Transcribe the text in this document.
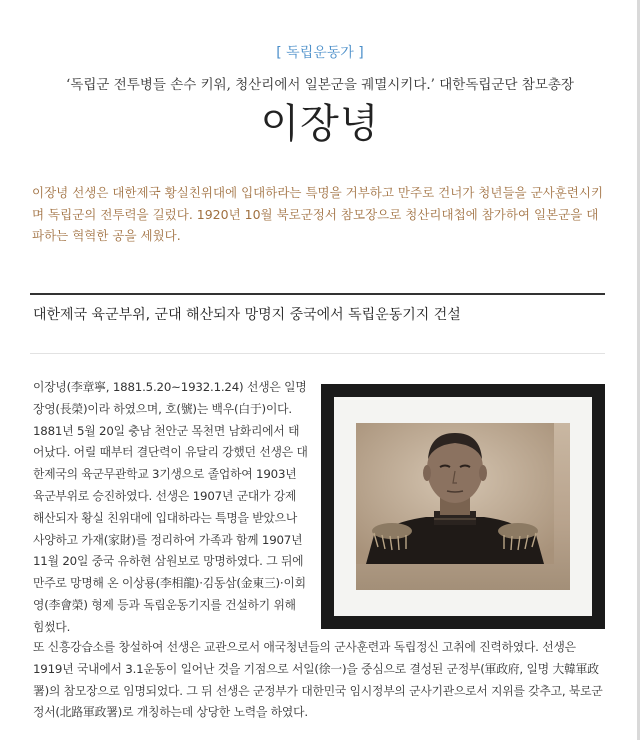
[ 독립운동가 ]
‘독립군 전투병들 손수 키워, 청산리에서 일본군을 궤멸시키다.’ 대한독립군단 참모총장
이장녕
이장녕 선생은 대한제국 황실친위대에 입대하라는 특명을 거부하고 만주로 건너가 청년들을 군사훈련시키며 독립군의 전투력을 길렀다. 1920년 10월 북로군정서 참모장으로 청산리대첩에 참가하여 일본군을 대파하는 혁혁한 공을 세웠다.
대한제국 육군부위, 군대 해산되자 망명지 중국에서 독립운동기지 건설

이장녕(李章寧, 1881.5.20~1932.1.24) 선생은 일명 장영(長榮)이라 하였으며, 호(號)는 백우(白于)이다. 1881년 5월 20일 충남 천안군 목천면 남화리에서 태어났다. 어릴 때부터 결단력이 유달리 강했던 선생은 대한제국의 육군무관학교 3기생으로 졸업하여 1903년 육군부위로 승진하였다. 선생은 1907년 군대가 강제 해산되자 황실 친위대에 입대하라는 특명을 받았으나 사양하고 가재(家財)를 정리하여 가족과 함께 1907년 11월 20일 중국 유하현 삼원보로 망명하였다. 그 뒤에 만주로 망명해 온 이상룡(李相龍)·김동삼(金東三)·이회영(李會榮) 형제 등과 독립운동기지를 건설하기 위해 힘썼다.

또 신흥강습소를 창설하여 선생은 교관으로서 애국청년들의 군사훈련과 독립정신 고취에 진력하였다. 선생은 1919년 국내에서 3.1운동이 일어난 것을 기점으로 서일(徐一)을 중심으로 결성된 군정부(軍政府, 일명 大韓軍政署)의 참모장으로 임명되었다. 그 뒤 선생은 군정부가 대한민국 임시정부의 군사기관으로서 지위를 갖추고, 북로군정서(北路軍政署)로 개칭하는데 상당한 노력을 하였다.
